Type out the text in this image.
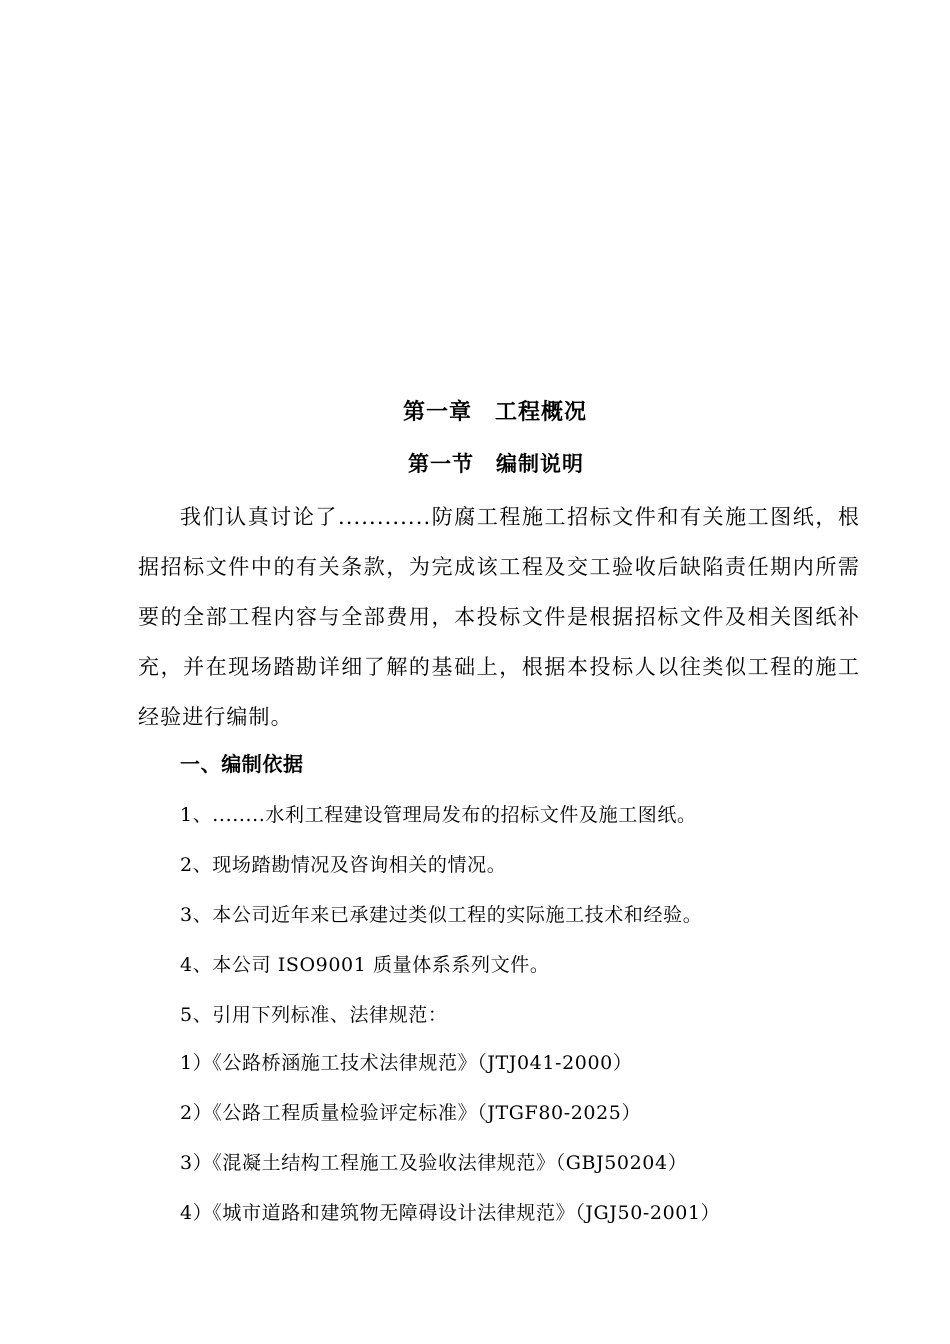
第一章　工程概况
第一节　编制说明
我们认真讨论了............防腐工程施工招标文件和有关施工图纸，根据招标文件中的有关条款，为完成该工程及交工验收后缺陷责任期内所需要的全部工程内容与全部费用，本投标文件是根据招标文件及相关图纸补充，并在现场踏勘详细了解的基础上，根据本投标人以往类似工程的施工经验进行编制。
一、编制依据
1、........水利工程建设管理局发布的招标文件及施工图纸。
2、现场踏勘情况及咨询相关的情况。
3、本公司近年来已承建过类似工程的实际施工技术和经验。
4、本公司 ISO9001 质量体系系列文件。
5、引用下列标准、法律规范：
1）《公路桥涵施工技术法律规范》（JTJ041-2000）
2）《公路工程质量检验评定标准》（JTGF80-2025）
3）《混凝土结构工程施工及验收法律规范》（GBJ50204）
4）《城市道路和建筑物无障碍设计法律规范》（JGJ50-2001）
